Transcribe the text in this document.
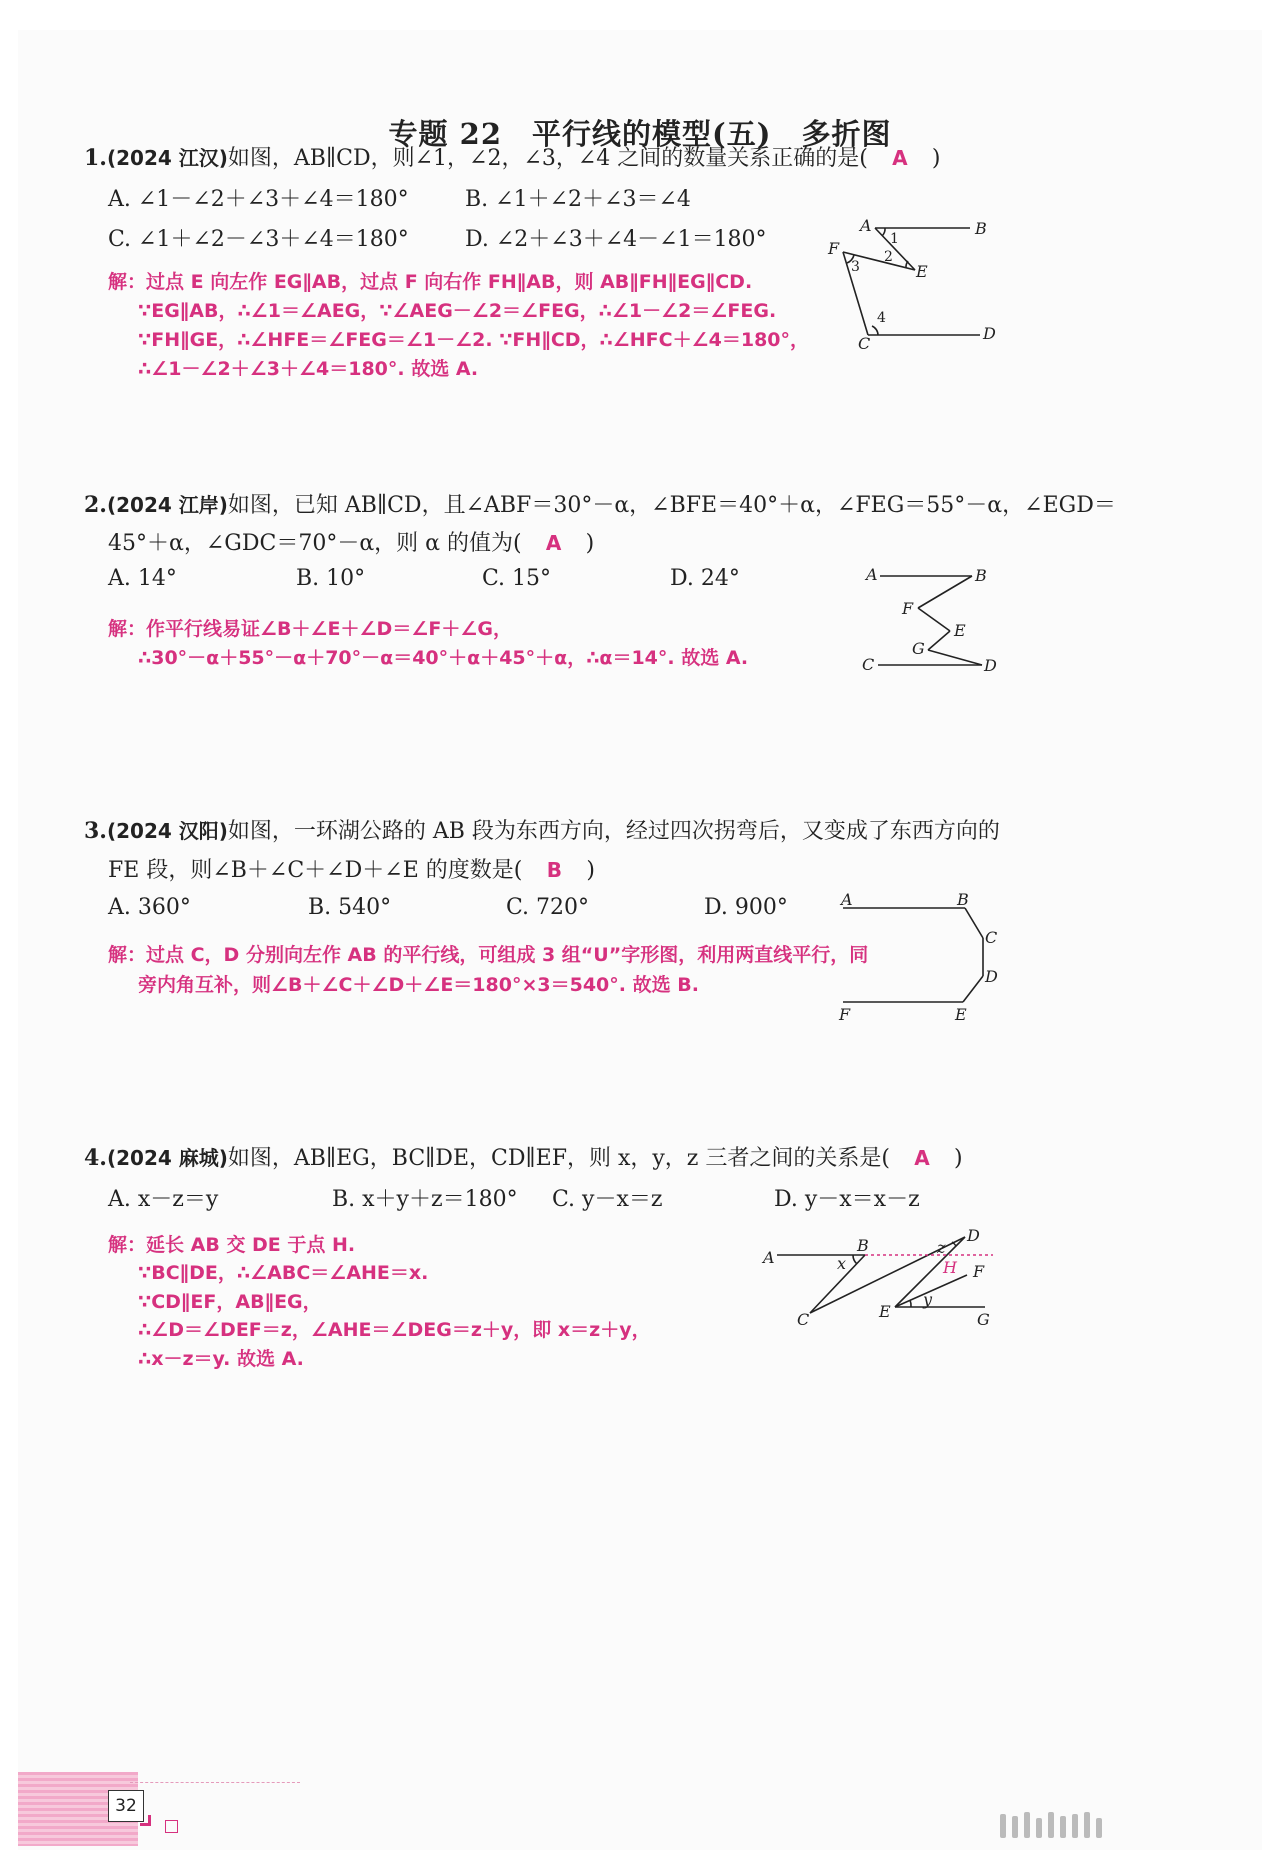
专题 22　平行线的模型(五)　多折图
1.(2024 江汉)如图，AB∥CD，则∠1，∠2，∠3，∠4 之间的数量关系正确的是( A )
A. ∠1－∠2＋∠3＋∠4＝180°	B. ∠1＋∠2＋∠3＝∠4
C. ∠1＋∠2－∠3＋∠4＝180°	D. ∠2＋∠3＋∠4－∠1＝180°
解：过点 E 向左作 EG∥AB，过点 F 向右作 FH∥AB，则 AB∥FH∥EG∥CD.
∵EG∥AB，∴∠1＝∠AEG，∵∠AEG－∠2＝∠FEG，∴∠1－∠2＝∠FEG.
∵FH∥GE，∴∠HFE＝∠FEG＝∠1－∠2. ∵FH∥CD，∴∠HFC＋∠4＝180°，
∴∠1－∠2＋∠3＋∠4＝180°. 故选 A.
A	B
C
D
E
F	1
2
3
4
2.(2024 江岸)如图，已知 AB∥CD，且∠ABF＝30°－α，∠BFE＝40°＋α，∠FEG＝55°－α，∠EGD＝
45°＋α，∠GDC＝70°－α，则 α 的值为( A )
A. 14°	B. 10°	C. 15°	D. 24°
解：作平行线易证∠B＋∠E＋∠D＝∠F＋∠G，
∴30°－α＋55°－α＋70°－α＝40°＋α＋45°＋α，∴α＝14°. 故选 A.
A	B
C	D
E
F
G
3.(2024 汉阳)如图，一环湖公路的 AB 段为东西方向，经过四次拐弯后，又变成了东西方向的
FE 段，则∠B＋∠C＋∠D＋∠E 的度数是( B )
A. 360°	B. 540°	C. 720°	D. 900°
解：过点 C，D 分别向左作 AB 的平行线，可组成 3 组“U”字形图，利用两直线平行，同
旁内角互补，则∠B＋∠C＋∠D＋∠E＝180°×3＝540°. 故选 B.
A	B
C
D
E
F
4.(2024 麻城)如图，AB∥EG，BC∥DE，CD∥EF，则 x，y，z 三者之间的关系是( A )
A. x－z＝y	B. x＋y＋z＝180° C. y－x＝z	D. y－x＝x－z
解：延长 AB 交 DE 于点 H.
∵BC∥DE，∴∠ABC＝∠AHE＝x.
∵CD∥EF，AB∥EG，
∴∠D＝∠DEF＝z，∠AHE＝∠DEG＝z＋y，即 x＝z＋y，
∴x－z＝y. 故选 A.
A
B
C
D
E
F
G
H
x
y
z
32
